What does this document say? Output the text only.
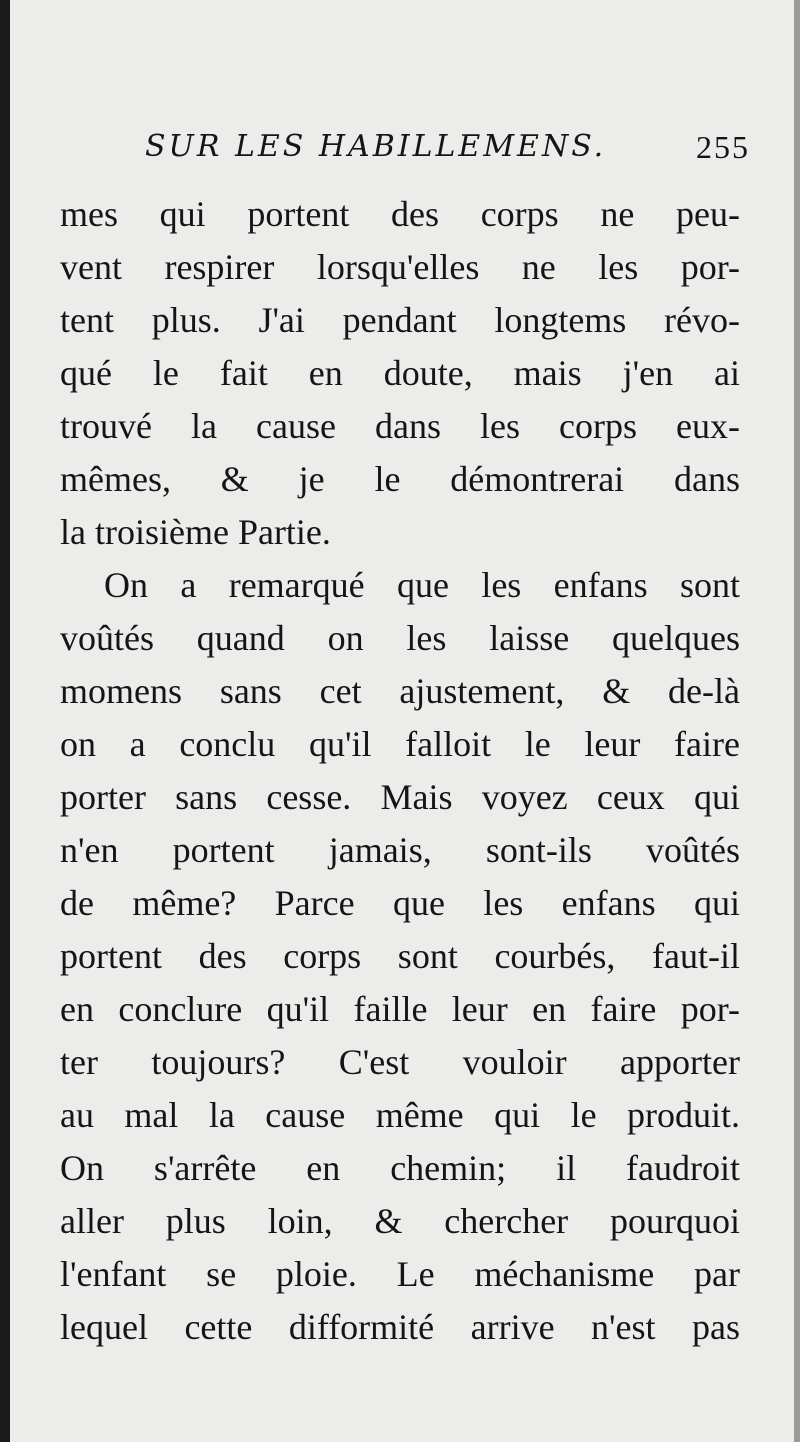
SUR LES HABILLEMENS.	255
mes qui portent des corps ne peu-
vent respirer lorsqu'elles ne les por-
tent plus. J'ai pendant longtems révo-
qué le fait en doute, mais j'en ai
trouvé la cause dans les corps eux-
mêmes, & je le démontrerai dans
la troisième Partie.
On a remarqué que les enfans sont
voûtés quand on les laisse quelques
momens sans cet ajustement, & de-là
on a conclu qu'il falloit le leur faire
porter sans cesse. Mais voyez ceux qui
n'en portent jamais, sont-ils voûtés
de même? Parce que les enfans qui
portent des corps sont courbés, faut-il
en conclure qu'il faille leur en faire por-
ter toujours? C'est vouloir apporter
au mal la cause même qui le produit.
On s'arrête en chemin; il faudroit
aller plus loin, & chercher pourquoi
l'enfant se ploie. Le méchanisme par
lequel cette difformité arrive n'est pas
